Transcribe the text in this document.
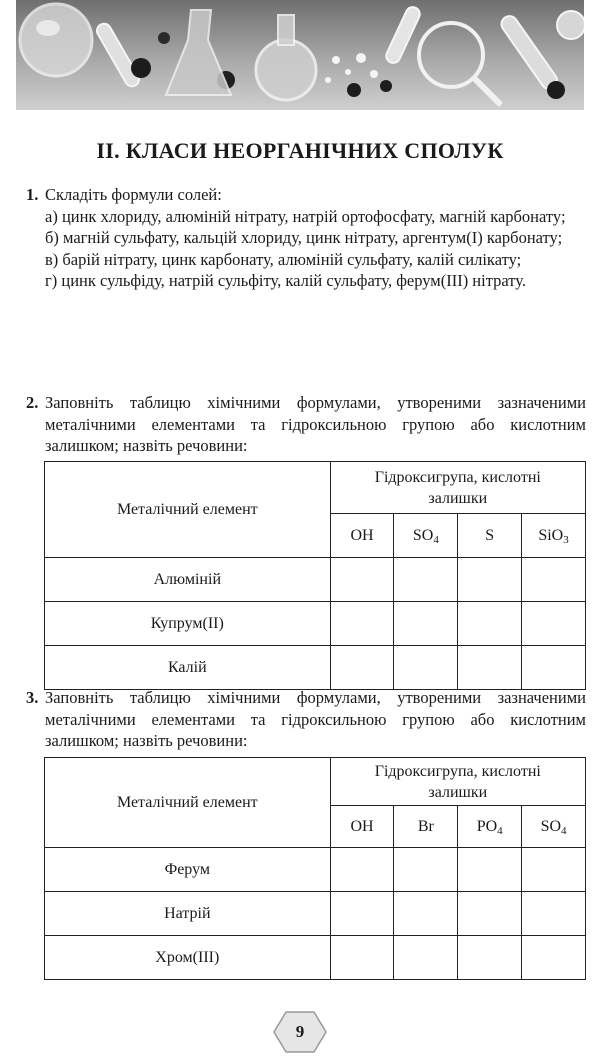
ІІ. КЛАСИ НЕОРГАНІЧНИХ СПОЛУК
1. Складіть формули солей:

а) цинк хлориду, алюміній нітрату, натрій ортофосфату, магній карбонату;

б) магній сульфату, кальцій хлориду, цинк нітрату, аргентум(І) карбонату;

в) барій нітрату, цинк карбонату, алюміній сульфату, калій силікату;

г) цинк сульфіду, натрій сульфіту, калій сульфату, ферум(ІІІ) нітрату.

2. Заповніть таблицю хімічними формулами, утвореними зазначеними металічними елементами та гідроксильною групою або кислотним залишком; назвіть речовини:

Металічний елемент	Гідроксигрупа, кислотні залишки			
	OH	$SO_4$	S	SiO$_3$
Алюміній				
Купрум(ІІ)				
Калій				
3. Заповніть таблицю хімічними формулами, утвореними зазначеними металічними елементами та гідроксильною групою або кислотним залишком; назвіть речовини:

Металічний елемент	Гідроксигрупа, кислотні залишки			
	OH	Br	$PO_4$	$SO_4$
Ферум				
Натрій				
Хром(ІІІ)				
9
